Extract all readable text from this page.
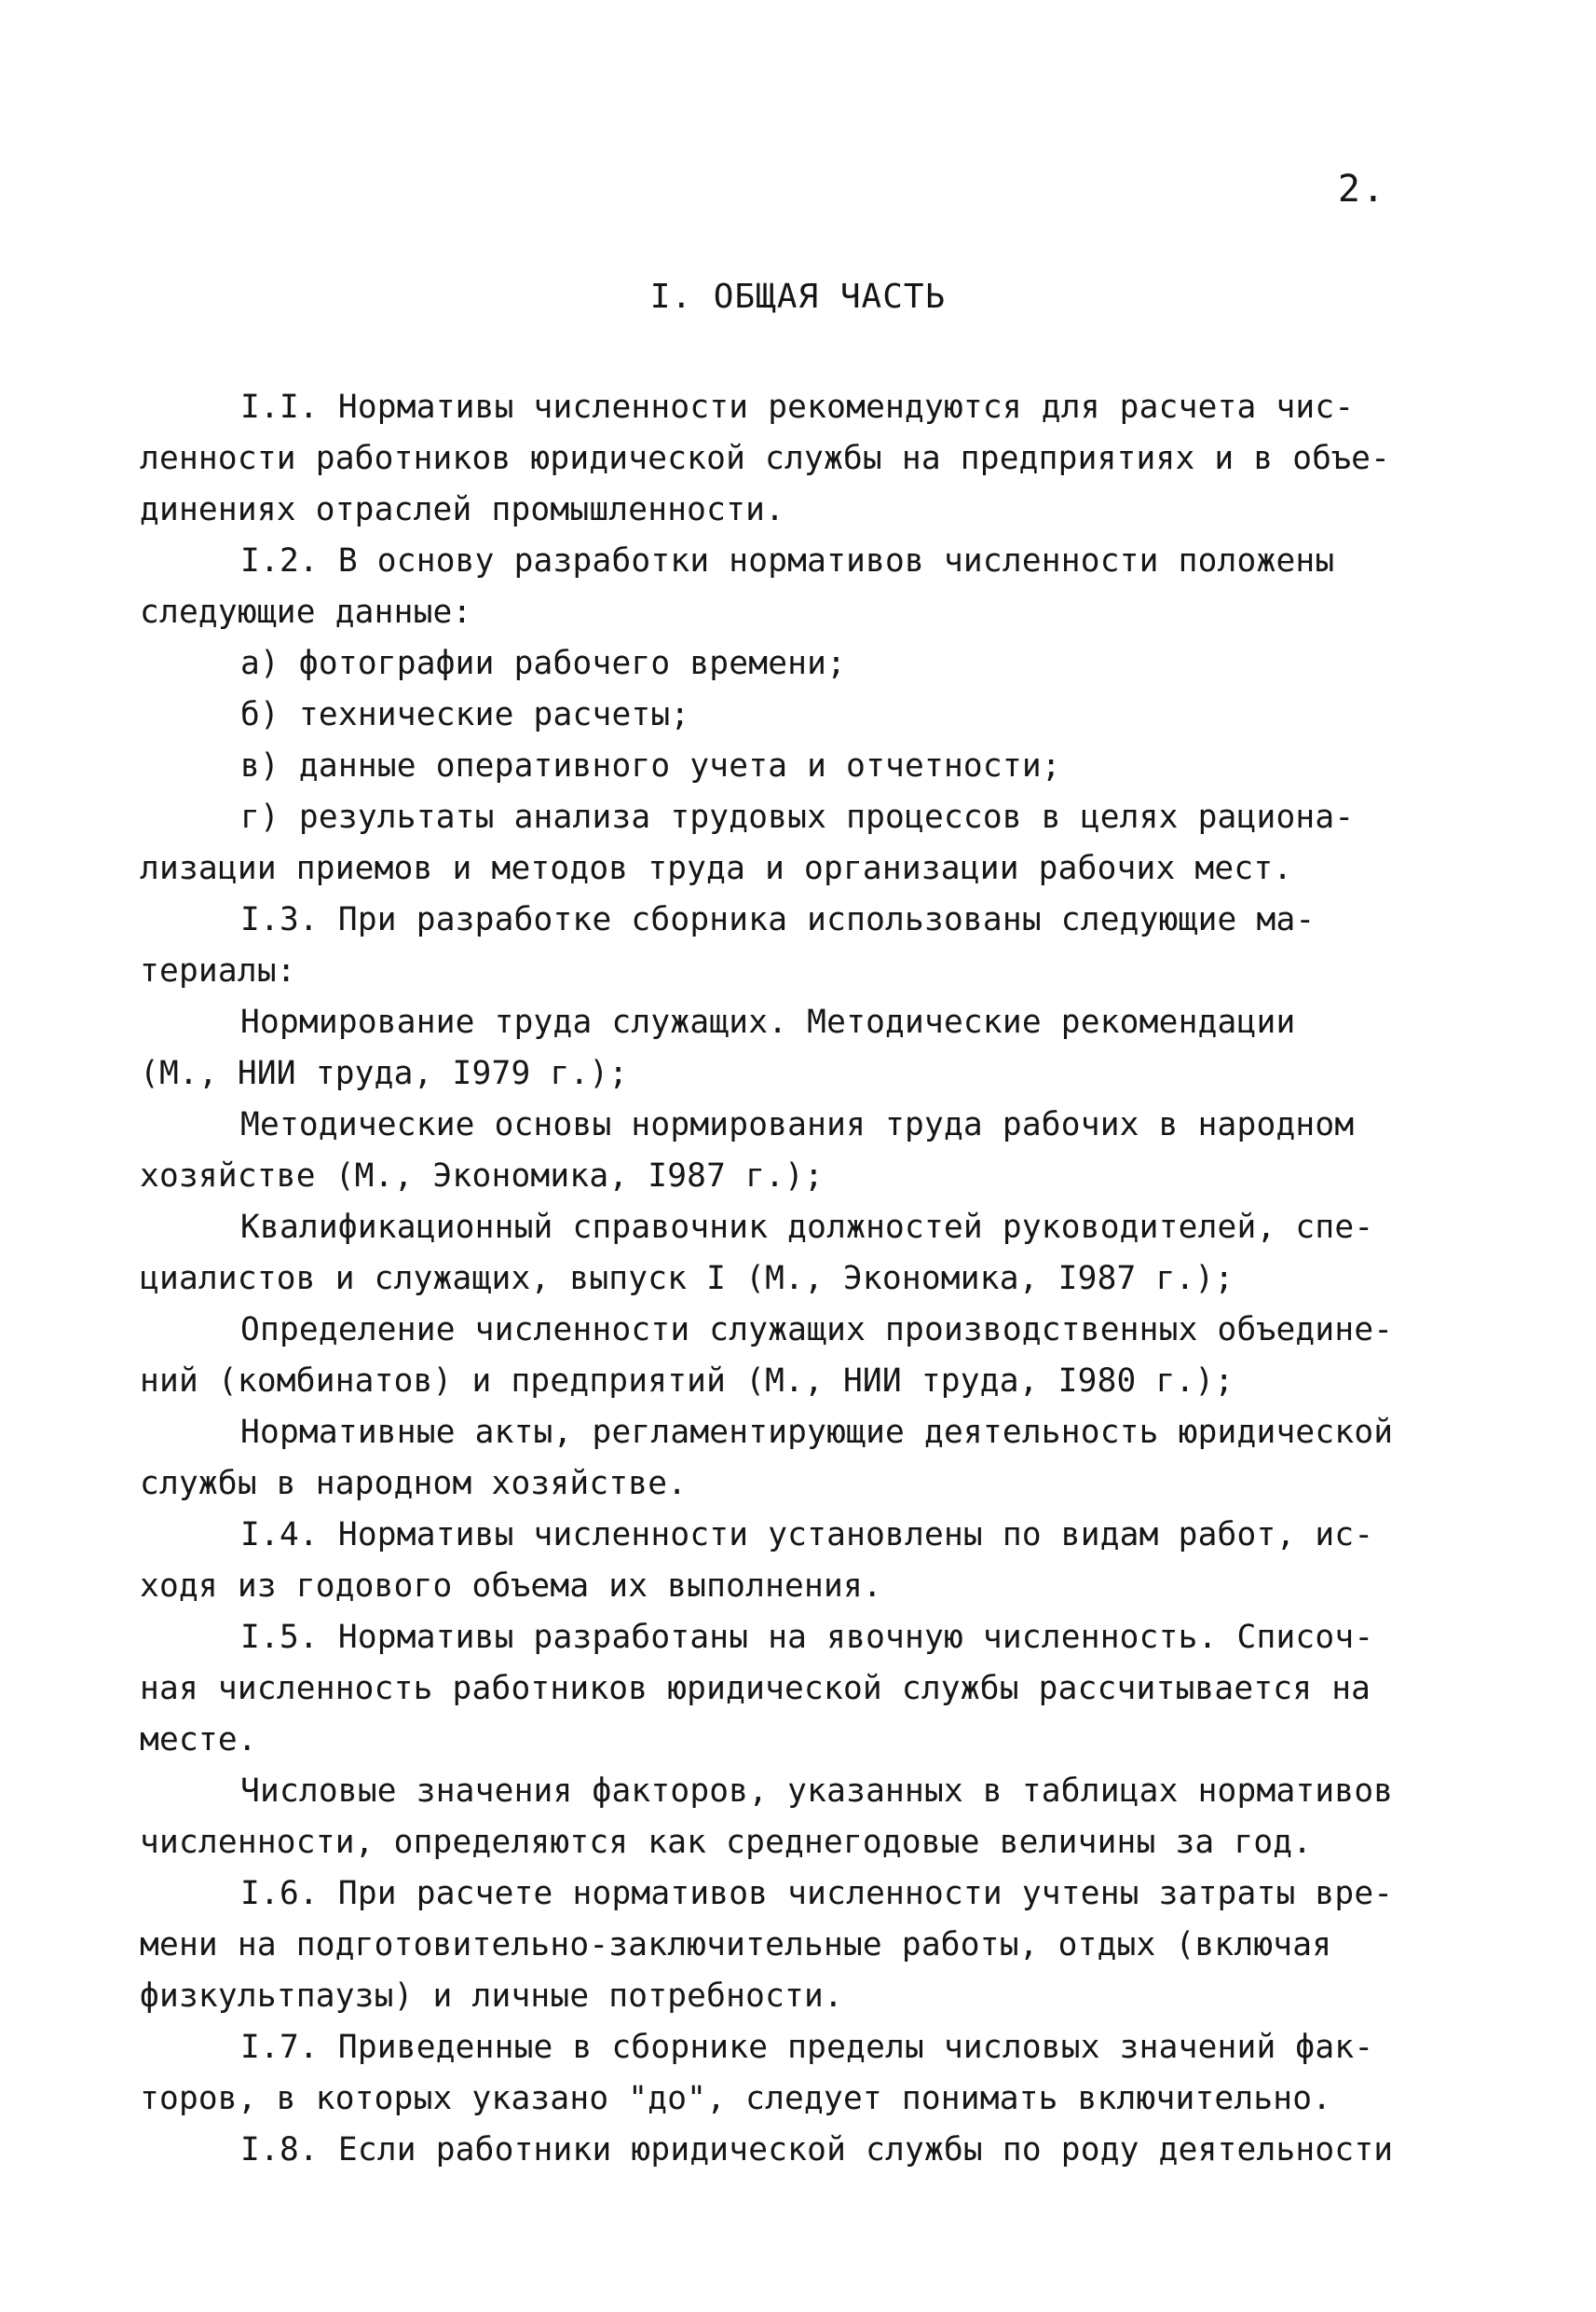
2.
I. ОБЩАЯ ЧАСТЬ
I.I. Нормативы численности рекомендуются для расчета чис-
ленности работников юридической службы на предприятиях и в объе-
динениях отраслей промышленности.
I.2. В основу разработки нормативов численности положены
следующие данные:
а) фотографии рабочего времени;
б) технические расчеты;
в) данные оперативного учета и отчетности;
г) результаты анализа трудовых процессов в целях рациона-
лизации приемов и методов труда и организации рабочих мест.
I.3. При разработке сборника использованы следующие ма-
териалы:
Нормирование труда служащих. Методические рекомендации
(М., НИИ труда, I979 г.);
Методические основы нормирования труда рабочих в народном
хозяйстве (М., Экономика, I987 г.);
Квалификационный справочник должностей руководителей, спе-
циалистов и служащих, выпуск I (М., Экономика, I987 г.);
Определение численности служащих производственных объедине-
ний (комбинатов) и предприятий (М., НИИ труда, I980 г.);
Нормативные акты, регламентирующие деятельность юридической
службы в народном хозяйстве.
I.4. Нормативы численности установлены по видам работ, ис-
ходя из годового объема их выполнения.
I.5. Нормативы разработаны на явочную численность. Списоч-
ная численность работников юридической службы рассчитывается на
месте.
Числовые значения факторов, указанных в таблицах нормативов
численности, определяются как среднегодовые величины за год.
I.6. При расчете нормативов численности учтены затраты вре-
мени на подготовительно-заключительные работы, отдых (включая
физкультпаузы) и личные потребности.
I.7. Приведенные в сборнике пределы числовых значений фак-
торов, в которых указано "до", следует понимать включительно.
I.8. Если работники юридической службы по роду деятельности
